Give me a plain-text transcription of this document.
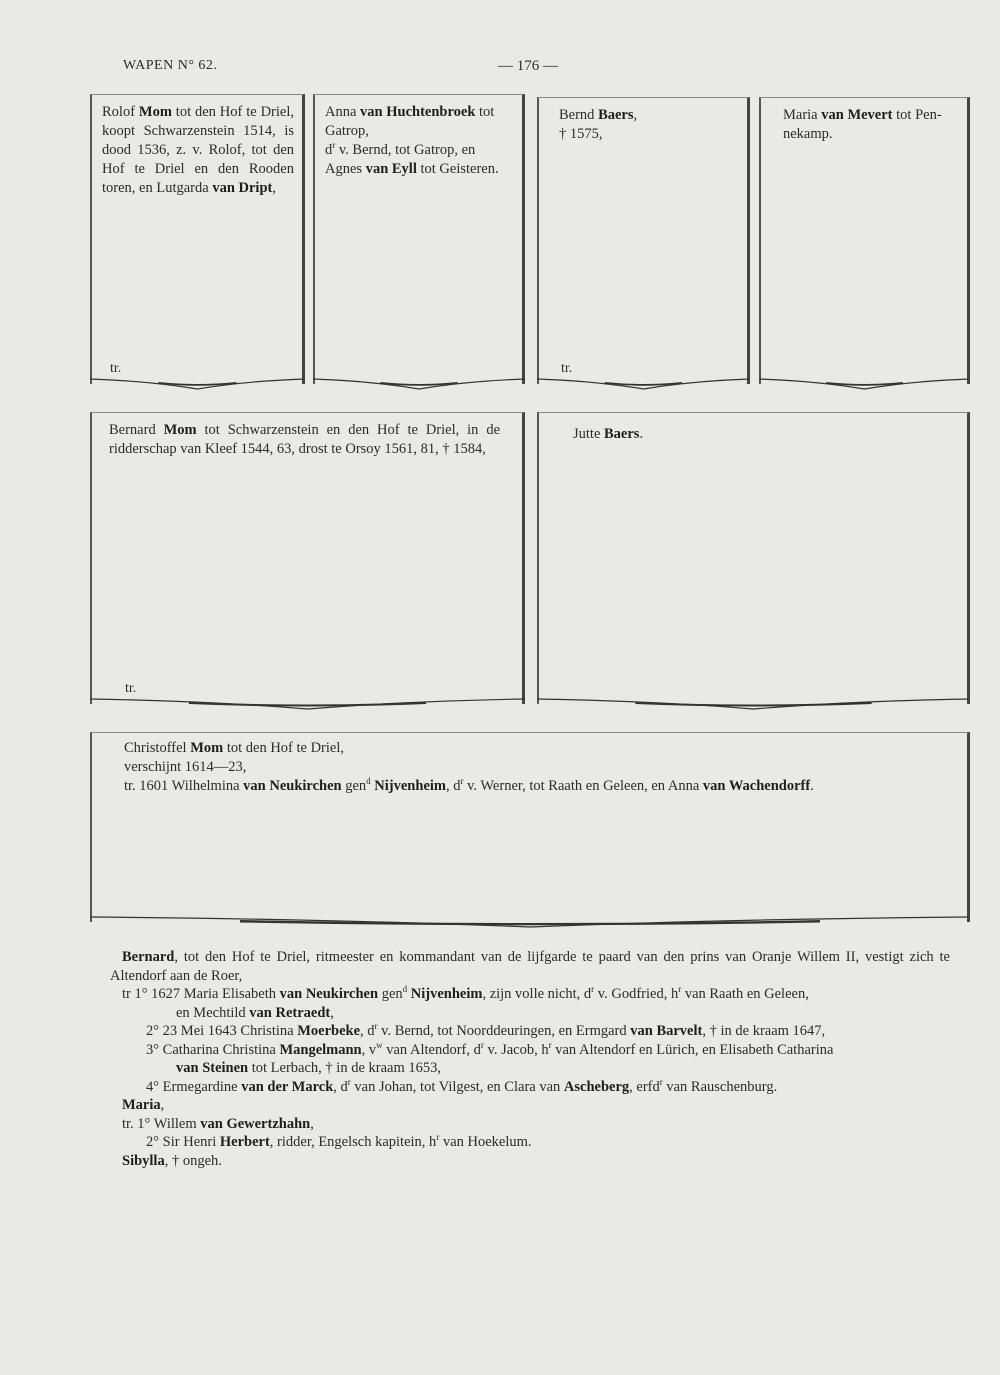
WAPEN N° 62.	— 176 —
Rolof Mom tot den Hof te Driel, koopt Schwarzenstein 1514, is dood 1536, z. v. Rolof, tot den Hof te Driel en den Rooden toren, en Lutgarda van Dript,
tr.
Anna van Huchtenbroek tot Gatrop,
$d^r$ v. Bernd, tot Gatrop, en Agnes van Eyll tot Geisteren.
Bernd Baers,
† 1575,
tr.
Maria van Mevert tot Pen-nekamp.
Bernard Mom tot Schwarzenstein en den Hof te Driel, in de ridderschap van Kleef 1544, 63, drost te Orsoy 1561, 81, † 1584,
tr.
Jutte Baers.
Christoffel Mom tot den Hof te Driel,
verschijnt 1614—23,
tr. 1601 Wilhelmina van Neukirchen gen$^d$ Nijvenheim, $d^r$ v. Werner, tot Raath en Geleen, en Anna van Wachendorff.

Bernard, tot den Hof te Driel, ritmeester en kommandant van de lijfgarde te paard van den prins van Oranje Willem II, vestigt zich te Altendorf aan de Roer,

tr 1° 1627 Maria Elisabeth van Neukirchen gen$^d$ Nijvenheim, zijn volle nicht, $d^r$ v. Godfried, $h^r$ van Raath en Geleen,

en Mechtild van Retraedt,

2° 23 Mei 1643 Christina Moerbeke, $d^r$ v. Bernd, tot Noorddeuringen, en Ermgard van Barvelt, † in de kraam 1647,

3° Catharina Christina Mangelmann, $v^w$ van Altendorf, $d^r$ v. Jacob, $h^r$ van Altendorf en Lürich, en Elisabeth Catharina

van Steinen tot Lerbach, † in de kraam 1653,

4° Ermegardine van der Marck, $d^r$ van Johan, tot Vilgest, en Clara van Ascheberg, erfd$^r$ van Rauschenburg.

Maria,

tr. 1° Willem van Gewertzhahn,

2° Sir Henri Herbert, ridder, Engelsch kapitein, $h^r$ van Hoekelum.

Sibylla, † ongeh.
